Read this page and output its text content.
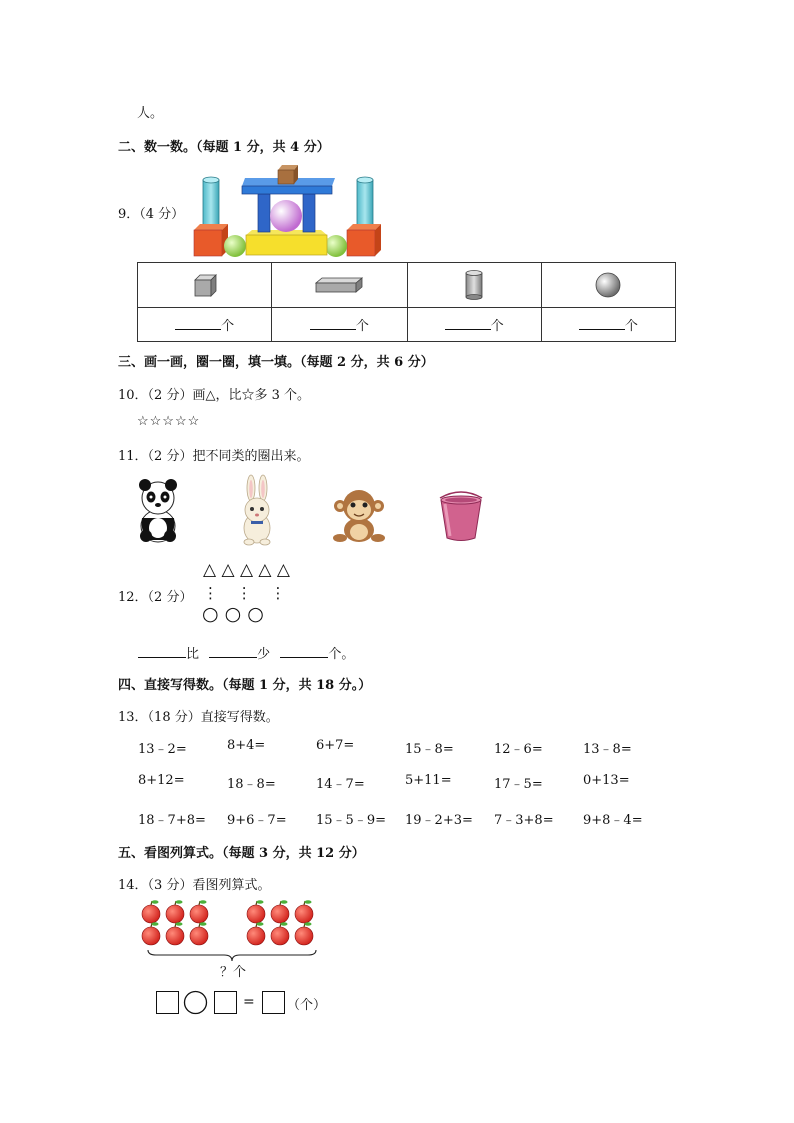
人。
二、数一数。（每题 1 分，共 4 分）
9．（4 分）

个	个	个	个
三、画一画，圈一圈，填一填。（每题 2 分，共 6 分）
10．（2 分）画△，比☆多 3 个。
☆☆☆☆☆
11．（2 分）把不同类的圈出来。
12．（2 分）
△ △ △ △ △
⋮ ⋮ ⋮
○ ○ ○
比	少	个。
四、直接写得数。（每题 1 分，共 18 分。）
13．（18 分）直接写得数。
13﹣2=	8+4=	6+7=	15﹣8=	12﹣6=	13﹣8=
8+12=	18﹣8=	14﹣7=	5+11=	17﹣5=	0+13=
18﹣7+8= 9+6﹣7= 15﹣5﹣9= 19﹣2+3= 7﹣3+8= 9+8﹣4=
五、看图列算式。（每题 3 分，共 12 分）
14．（3 分）看图列算式。
？个
= （个）
